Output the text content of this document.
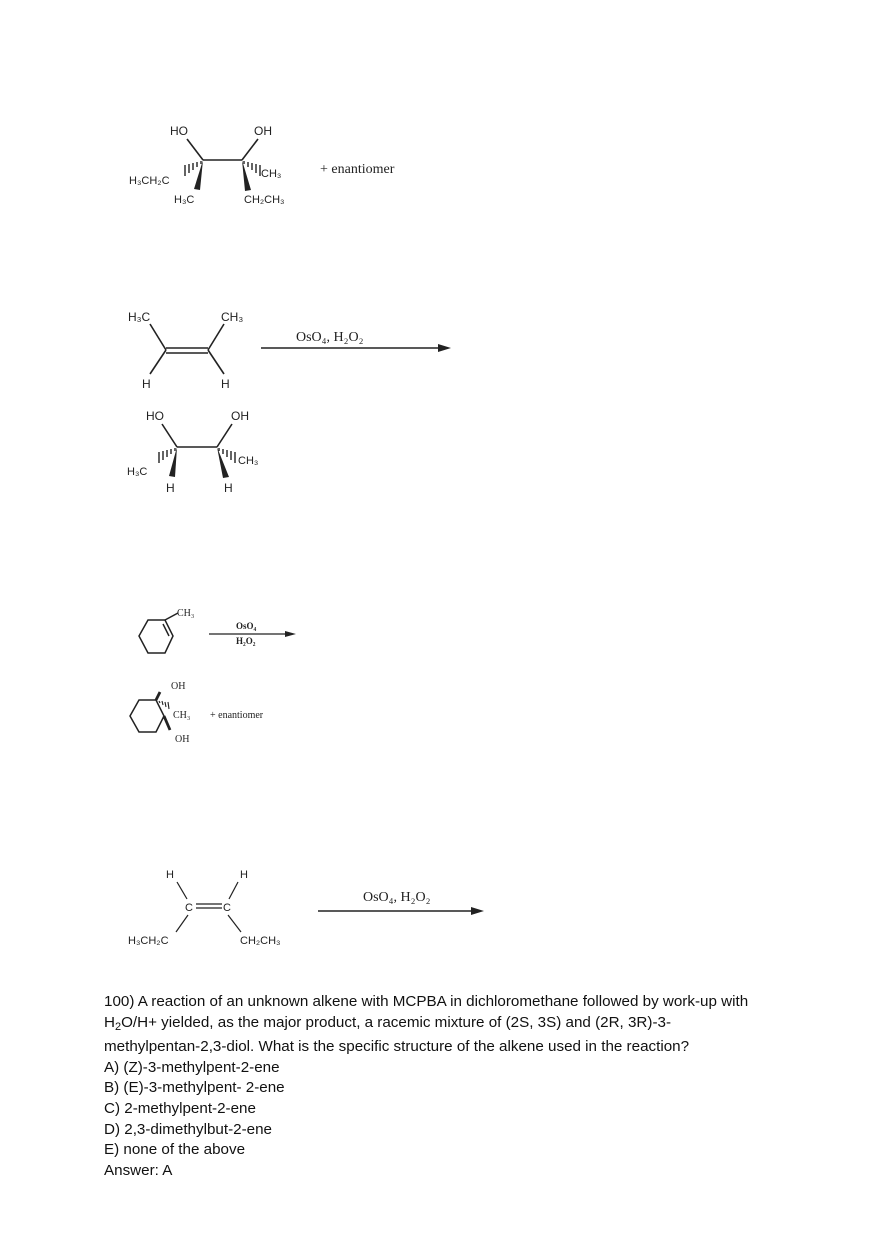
HO	OH
H₃CH₂C
H₃C
CH₃
CH₂CH₃
+ enantiomer
H₃C	CH₃
H	H
OsO₄, H₂O₂
HO	OH
H₃C
CH₃
H	H
CH₃
OsO₄
H₂O₂
OH
CH₃
OH
+ enantiomer
H	H
C	C
H₃CH₂C	CH₂CH₃
OsO₄, H₂O₂

100) A reaction of an unknown alkene with MCPBA in dichloromethane followed by work-up with $H_2O/H+$ yielded, as the major product, a racemic mixture of (2S, 3S) and (2R, 3R)-3-methylpentan-2,3-diol. What is the specific structure of the alkene used in the reaction?

A) (Z)-3-methylpent-2-ene

B) (E)-3-methylpent- 2-ene

C) 2-methylpent-2-ene

D) 2,3-dimethylbut-2-ene

E) none of the above

Answer: A
